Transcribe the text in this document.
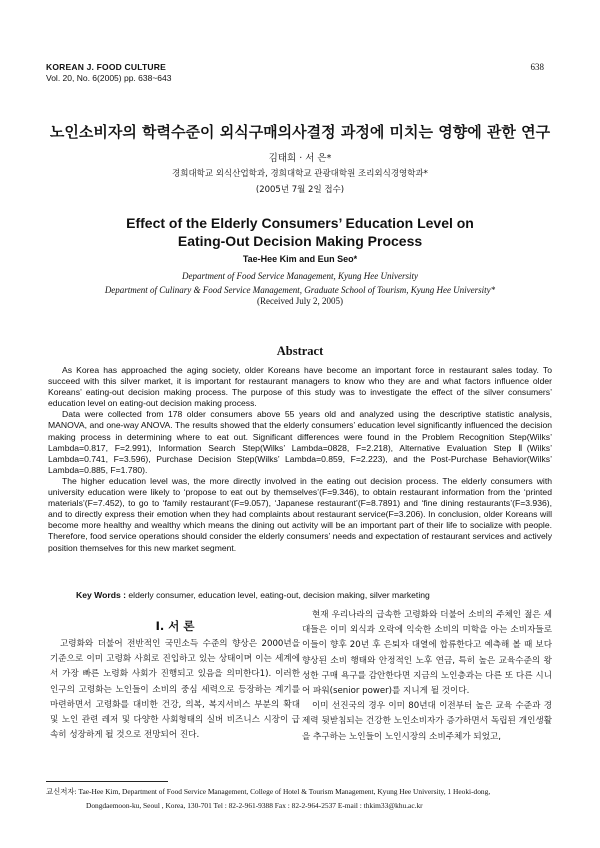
KOREAN J. FOOD CULTURE
Vol. 20, No. 6(2005) pp. 638~643
638
노인소비자의 학력수준이 외식구매의사결정 과정에 미치는 영향에 관한 연구
김태희 · 서 은*
경희대학교 외식산업학과, 경희대학교 관광대학원 조리외식경영학과*
(2005년 7월 2일 접수)
Effect of the Elderly Consumers’ Education Level on
Eating-Out Decision Making Process
Tae-Hee Kim and Eun Seo*
Department of Food Service Management, Kyung Hee University
Department of Culinary & Food Service Management, Graduate School of Tourism, Kyung Hee University*
(Received July 2, 2005)
Abstract

As Korea has approached the aging society, older Koreans have become an important force in restaurant sales today. To succeed with this silver market, it is important for restaurant managers to know who they are and what factors influence older Koreans’ eating-out decision making process. The purpose of this study was to investigate the effect of the silver consumers’ education level on eating-out decision making process.

Data were collected from 178 older consumers above 55 years old and analyzed using the descriptive statistic analysis, MANOVA, and one-way ANOVA. The results showed that the elderly consumers’ education level significantly influenced the decision making process in determining where to eat out. Significant differences were found in the Problem Recognition Step(Wilks’ Lambda=0.817, F=2.991), Information Search Step(Wilks’ Lambda=0828, F=2.218), Alternative Evaluation Step Ⅱ(Wilks’ Lambda=0.741, F=3.596), Purchase Decision Step(Wilks’ Lambda=0.859, F=2.223), and the Post-Purchase Behavior(Wilks’ Lambda=0.885, F=1.780).

The higher education level was, the more directly involved in the eating out decision process. The elderly consumers with university education were likely to ‘propose to eat out by themselves’(F=9.346), to obtain restaurant information from the ‘printed materials’(F=7.452), to go to ‘family restaurant’(F=9.057), ‘Japanese restaurant’(F=8.7891) and ‘fine dining restaurants’(F=3.936), and to directly express their emotion when they had complaints about restaurant service(F=3.206). In conclusion, older Koreans will become more healthy and wealthy which means the dining out activity will be an important part of their life to socialize with people. Therefore, food service operations should consider the elderly consumers’ needs and expectation of restaurant services and actively position themselves for this new market segment.

Key Words : elderly consumer, education level, eating-out, decision making, silver marketing
I. 서 론

고령화와 더불어 전반적인 국민소득 수준의 향상은 2000년을 기준으로 이미 고령화 사회로 진입하고 있는 상태이며 이는 세계에서 가장 빠른 노령화 사회가 진행되고 있음을 의미한다1). 이러한 인구의 고령화는 노인들이 소비의 중심 세력으로 등장하는 계기를 마련하면서 고령화를 대비한 건강, 의복, 복지서비스 부분의 확대 및 노인 관련 레저 및 다양한 사회형태의 실버 비즈니스 시장이 급속히 성장하게 될 것으로 전망되어 진다.

현재 우리나라의 급속한 고령화와 더불어 소비의 주체인 젊은 세대들은 이미 외식과 오락에 익숙한 소비의 미학을 아는 소비자들로 이들이 향후 20년 후 은퇴자 대열에 합류한다고 예측해 볼 때 보다 향상된 소비 행태와 안정적인 노후 연금, 특히 높은 교육수준의 왕성한 구매 욕구를 감안한다면 지금의 노인층과는 다른 또 다른 시니어 파워(senior power)를 지니게 될 것이다.

이미 선진국의 경우 이미 80년대 이전부터 높은 교육 수준과 경제력 뒷받침되는 건강한 노인소비자가 증가하면서 독립된 개인생활을 추구하는 노인들이 노인시장의 소비주체가 되었고,

교신저자: Tae-Hee Kim, Department of Food Service Management, College of Hotel & Tourism Management, Kyung Hee University, 1 Heoki-dong,
Dongdaemoon-ku, Seoul , Korea, 130-701 Tel : 82-2-961-9388 Fax : 82-2-964-2537 E-mail : thkim33@khu.ac.kr
